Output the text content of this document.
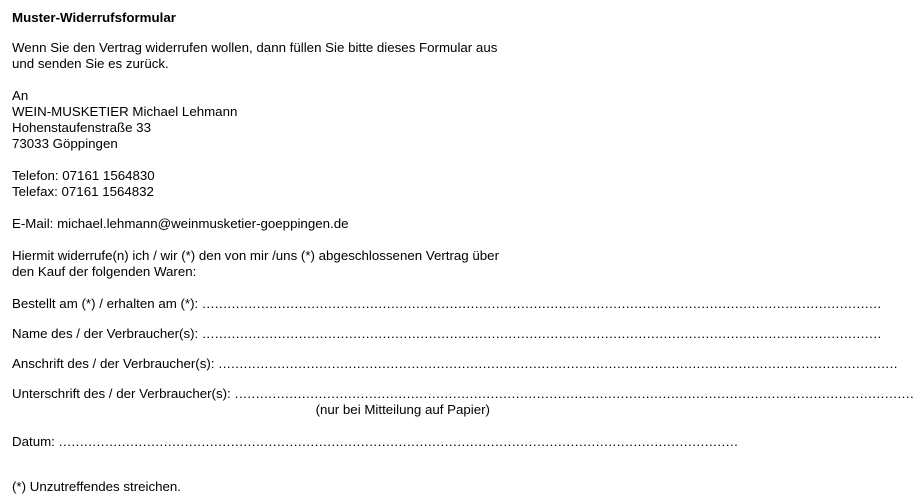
Muster-Widerrufsformular
Wenn Sie den Vertrag widerrufen wollen, dann füllen Sie bitte dieses Formular aus
und senden Sie es zurück.
An
WEIN-MUSKETIER Michael Lehmann
Hohenstaufenstraße 33
73033 Göppingen
Telefon: 07161 1564830
Telefax: 07161 1564832
E-Mail: michael.lehmann@weinmusketier-goeppingen.de
Hiermit widerrufe(n) ich / wir (*) den von mir /uns (*) abgeschlossenen Vertrag über
den Kauf der folgenden Waren:
Bestellt am (*) / erhalten am (*): ..................................................................................................................................................................
Name des / der Verbraucher(s): ..................................................................................................................................................................
Anschrift des / der Verbraucher(s): ..................................................................................................................................................................
Unterschrift des / der Verbraucher(s): ..................................................................................................................................................................
(nur bei Mitteilung auf Papier)
Datum: ..................................................................................................................................................................
(*) Unzutreffendes streichen.
